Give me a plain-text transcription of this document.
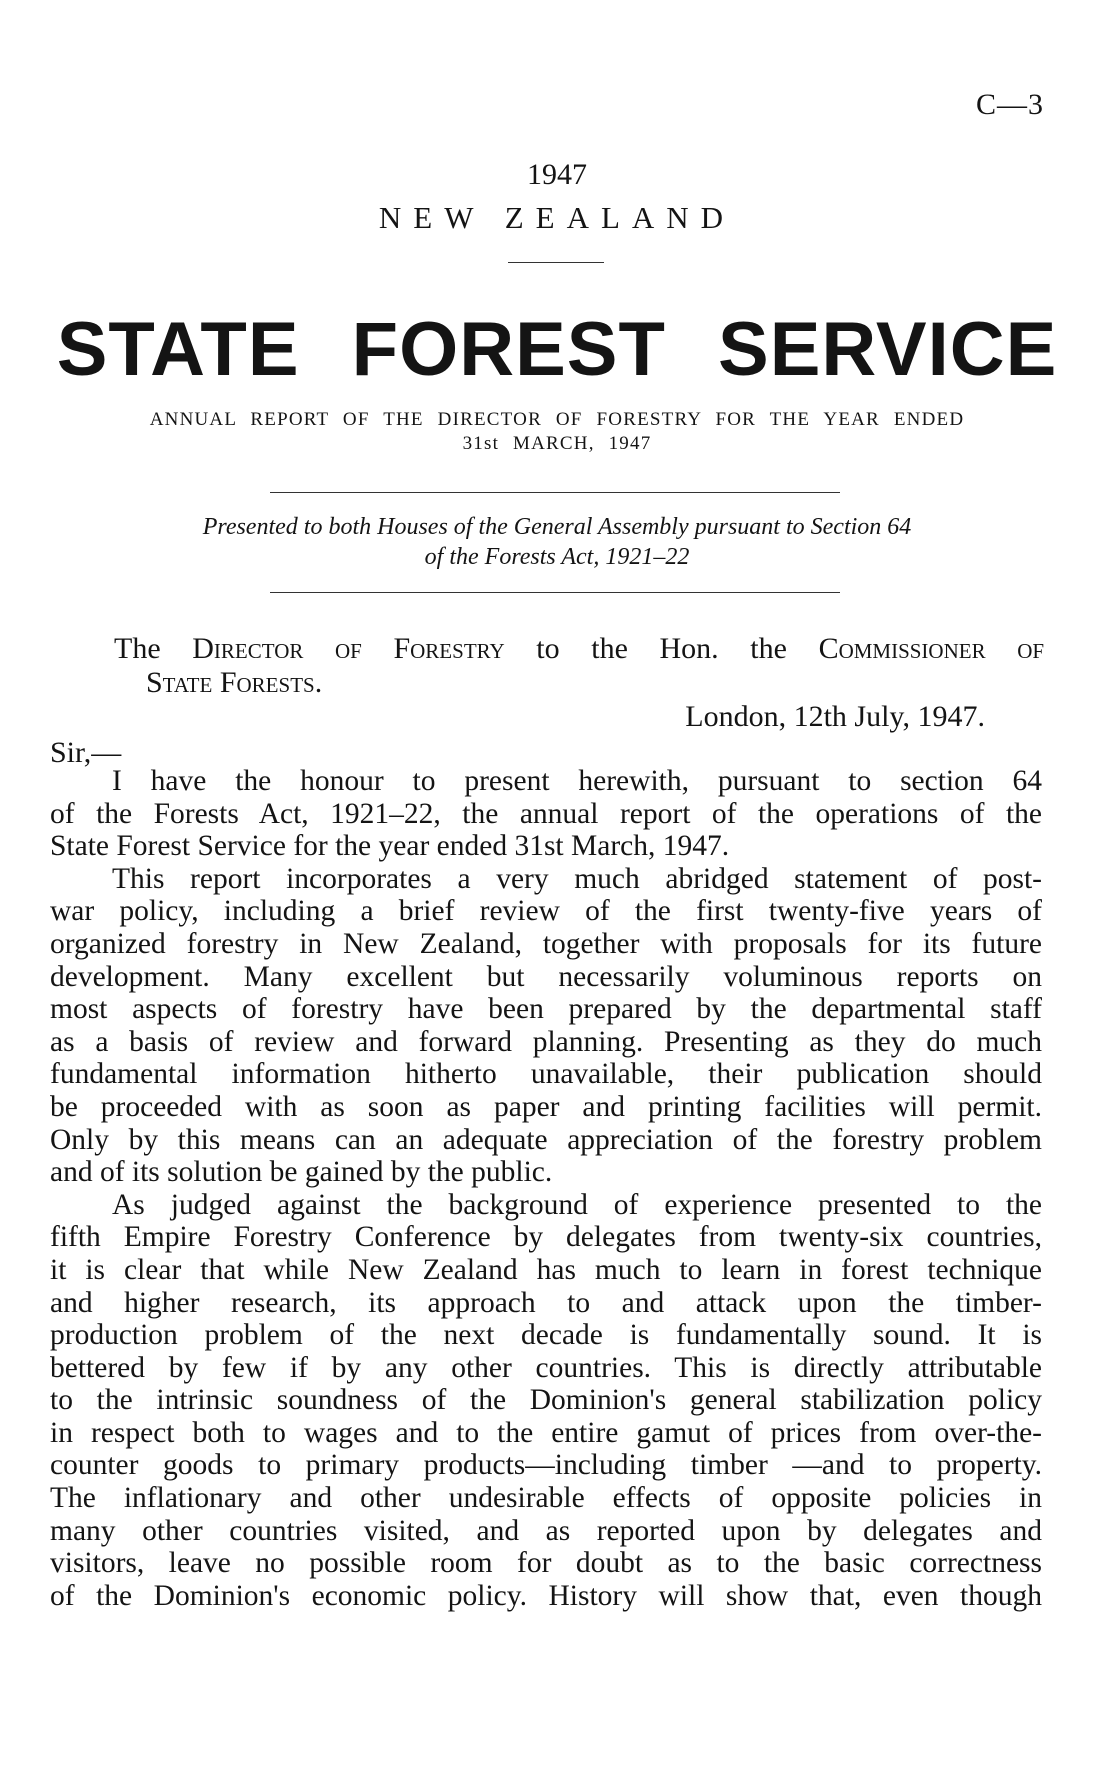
C—3
1947
NEW ZEALAND
STATE FOREST SERVICE
ANNUAL REPORT OF THE DIRECTOR OF FORESTRY FOR THE YEAR ENDED
31st MARCH, 1947
Presented to both Houses of the General Assembly pursuant to Section 64
of the Forests Act, 1921–22
The Director of Forestry to the Hon. the Commissioner of
State Forests.
London, 12th July, 1947.
Sir,—
I have the honour to present herewith, pursuant to section 64
of the Forests Act, 1921–22, the annual report of the operations of the
State Forest Service for the year ended 31st March, 1947.
This report incorporates a very much abridged statement of post-
war policy, including a brief review of the first twenty-five years of
organized forestry in New Zealand, together with proposals for its future
development. Many excellent but necessarily voluminous reports on
most aspects of forestry have been prepared by the departmental staff
as a basis of review and forward planning. Presenting as they do much
fundamental information hitherto unavailable, their publication should
be proceeded with as soon as paper and printing facilities will permit.
Only by this means can an adequate appreciation of the forestry problem
and of its solution be gained by the public.
As judged against the background of experience presented to the
fifth Empire Forestry Conference by delegates from twenty-six countries,
it is clear that while New Zealand has much to learn in forest technique
and higher research, its approach to and attack upon the timber-
production problem of the next decade is fundamentally sound. It is
bettered by few if by any other countries. This is directly attributable
to the intrinsic soundness of the Dominion's general stabilization policy
in respect both to wages and to the entire gamut of prices from over-the-
counter goods to primary products—including timber —and to property.
The inflationary and other undesirable effects of opposite policies in
many other countries visited, and as reported upon by delegates and
visitors, leave no possible room for doubt as to the basic correctness
of the Dominion's economic policy. History will show that, even though
